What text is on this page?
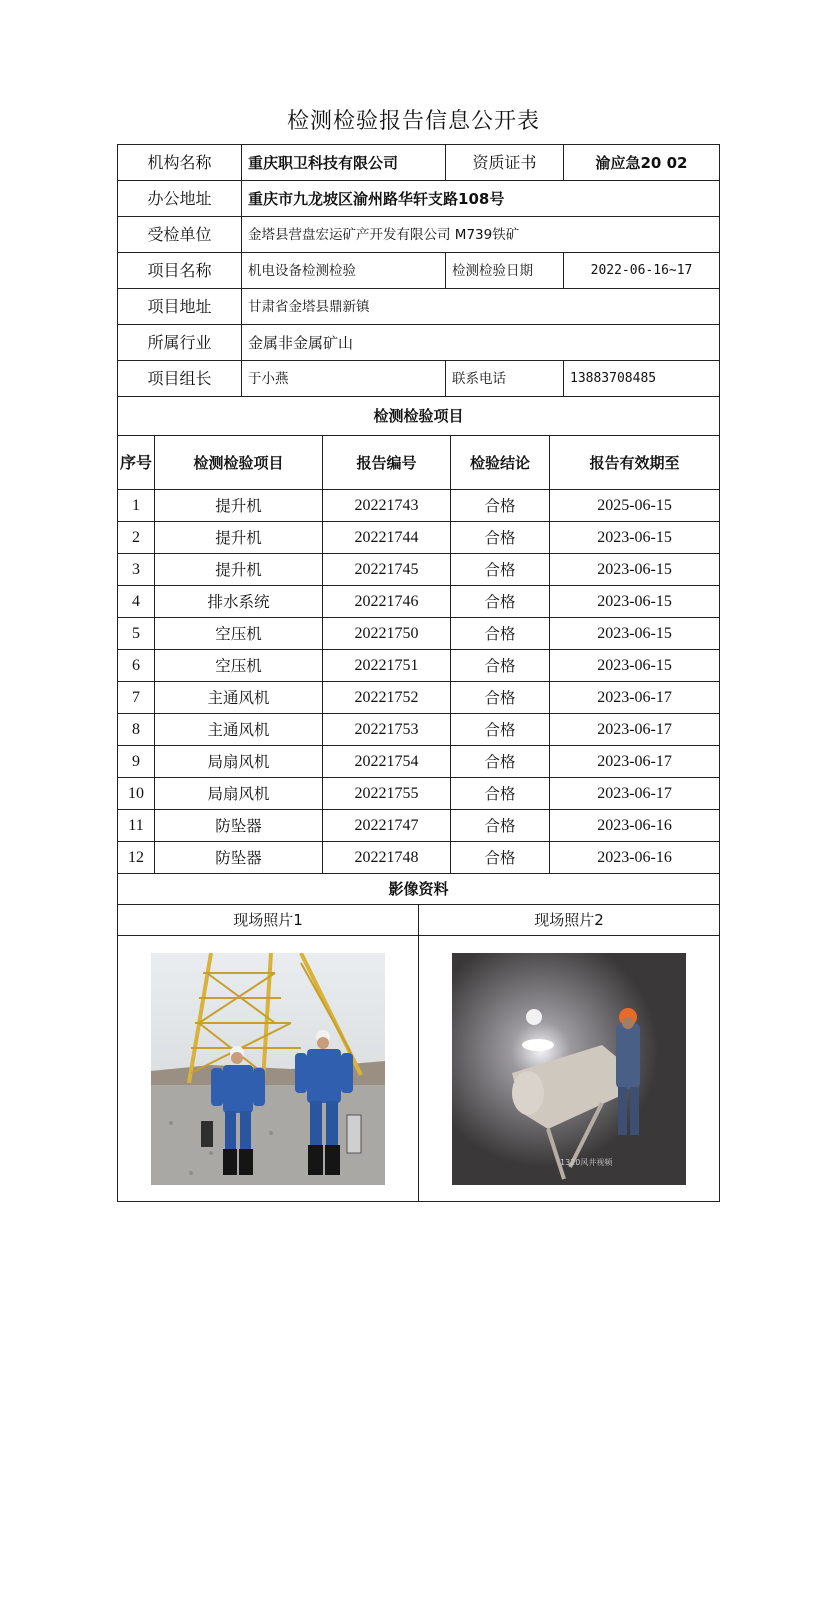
检测检验报告信息公开表
机构名称	重庆职卫科技有限公司	资质证书	渝应急20 02
办公地址	重庆市九龙坡区渝州路华轩支路108号		
受检单位	金塔县营盘宏运矿产开发有限公司 M739铁矿		
项目名称	机电设备检测检验	检测检验日期	2022-06-16~17
项目地址	甘肃省金塔县鼎新镇		
所属行业	金属非金属矿山		
项目组长	于小燕	联系电话	13883708485
检测检验项目				
序号	检测检验项目	报告编号	检验结论	报告有效期至
1	提升机	20221743	合格	2025-06-15
2	提升机	20221744	合格	2023-06-15
3	提升机	20221745	合格	2023-06-15
4	排水系统	20221746	合格	2023-06-15
5	空压机	20221750	合格	2023-06-15
6	空压机	20221751	合格	2023-06-15
7	主通风机	20221752	合格	2023-06-17
8	主通风机	20221753	合格	2023-06-17
9	局扇风机	20221754	合格	2023-06-17
10	局扇风机	20221755	合格	2023-06-17
11	防坠器	20221747	合格	2023-06-16
12	防坠器	20221748	合格	2023-06-16
影像资料	
现场照片1	现场照片2

1320风井视频
